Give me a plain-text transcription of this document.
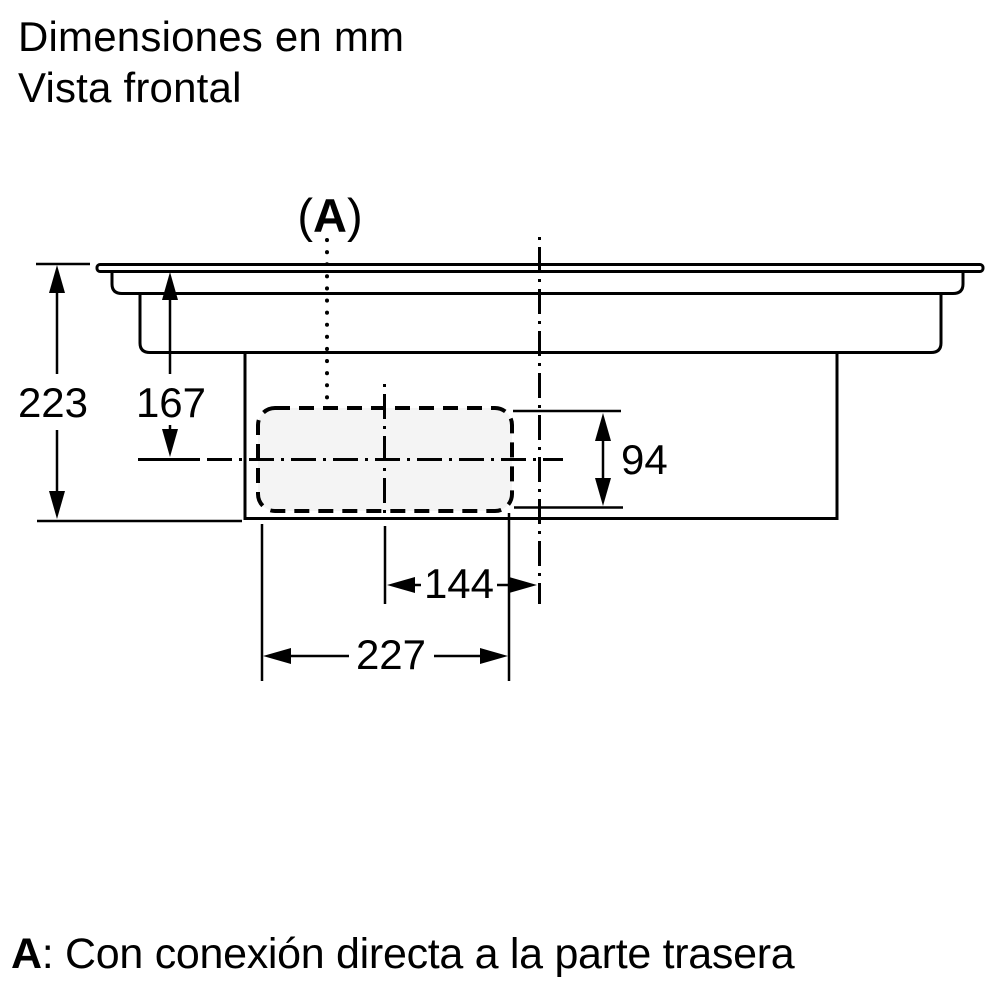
Dimensiones en mm
Vista frontal
(A)
223 167
94
144
227
A: Con conexión directa a la parte trasera
